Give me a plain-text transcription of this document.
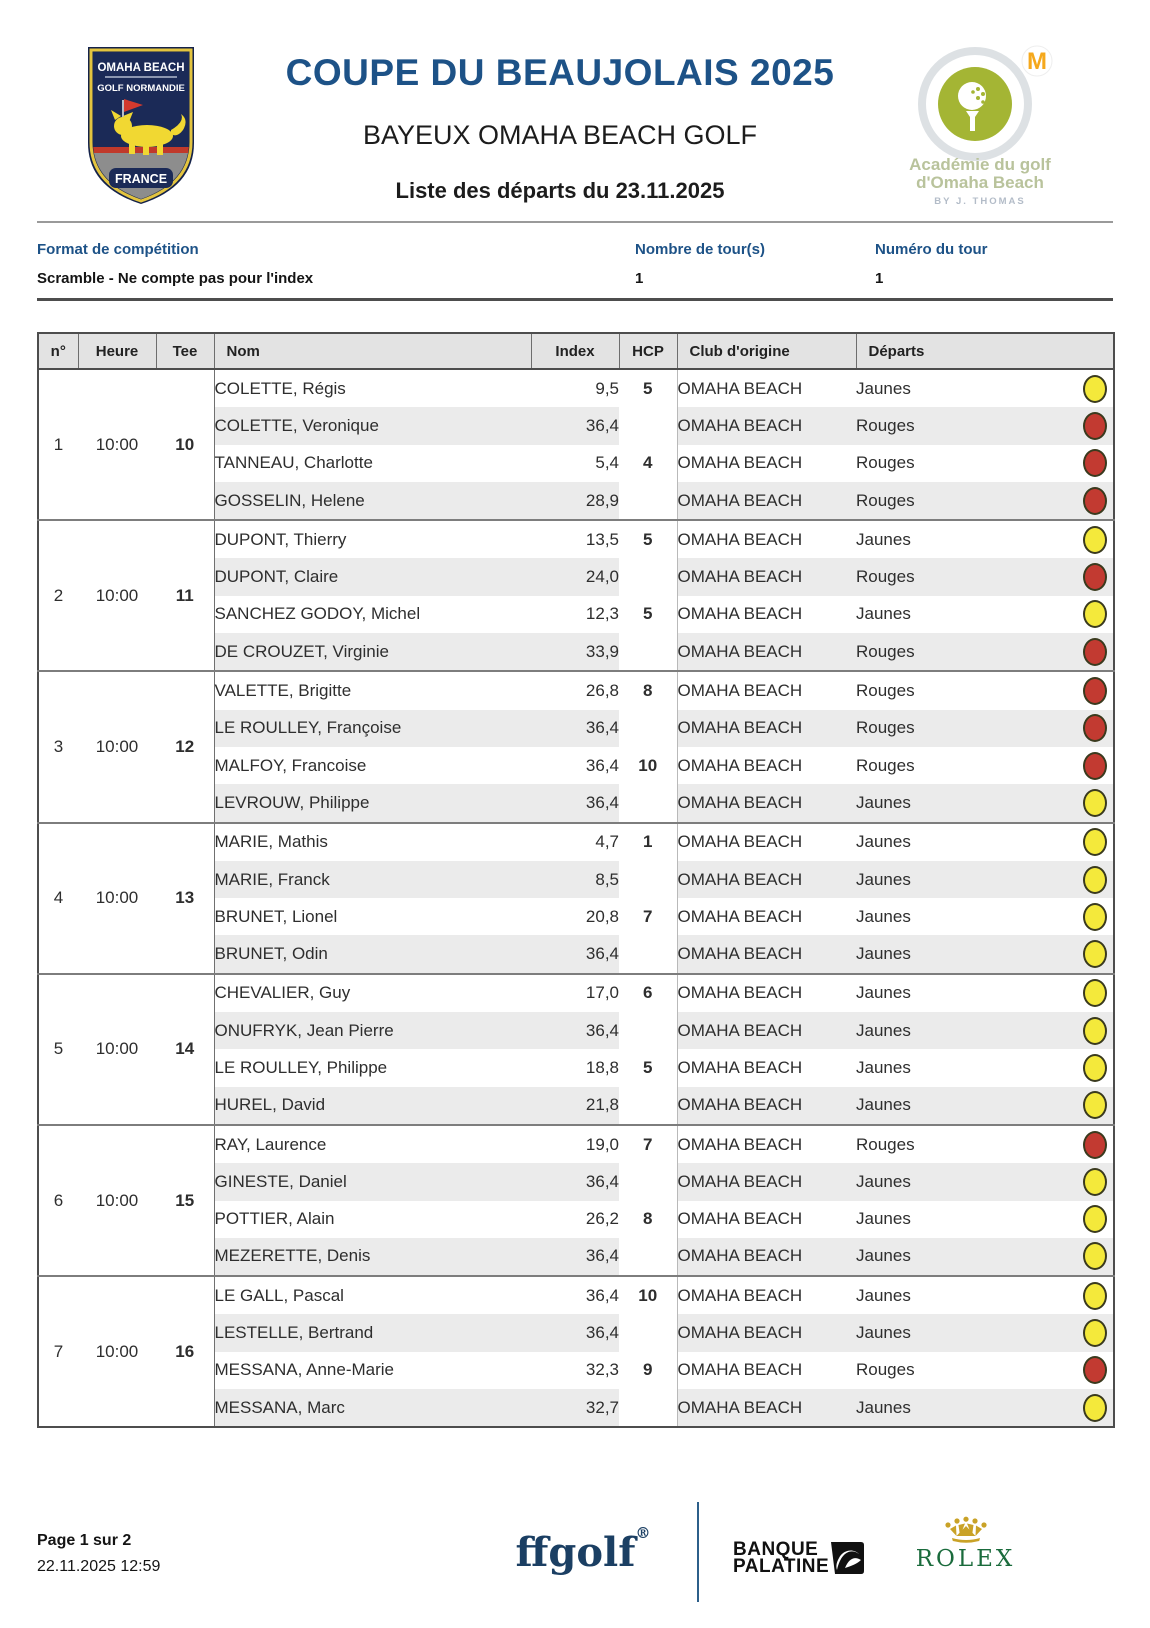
OMAHA BEACH
GOLF NORMANDIE
FRANCE
COUPE DU BEAUJOLAIS 2025
BAYEUX OMAHA BEACH GOLF
Liste des départs du 23.11.2025
M
Académie du golf
d'Omaha Beach
BY J. THOMAS
Format de compétition	Nombre de tour(s)	Numéro du tour
Scramble - Ne compte pas pour l'index	1	1
n°	Heure	Tee	Nom	Index	HCP	Club d'origine	Départs
1	10:00	10	COLETTE, Régis	9,5	5	OMAHA BEACH	Jaunes

			COLETTE, Veronique	36,4		OMAHA BEACH	Rouges

			TANNEAU, Charlotte	5,4	4	OMAHA BEACH	Rouges

			GOSSELIN, Helene	28,9		OMAHA BEACH	Rouges

2	10:00	11	DUPONT, Thierry	13,5	5	OMAHA BEACH	Jaunes

			DUPONT, Claire	24,0		OMAHA BEACH	Rouges

			SANCHEZ GODOY, Michel	12,3	5	OMAHA BEACH	Jaunes

			DE CROUZET, Virginie	33,9		OMAHA BEACH	Rouges

3	10:00	12	VALETTE, Brigitte	26,8	8	OMAHA BEACH	Rouges

			LE ROULLEY, Françoise	36,4		OMAHA BEACH	Rouges

			MALFOY, Francoise	36,4	10	OMAHA BEACH	Rouges

			LEVROUW, Philippe	36,4		OMAHA BEACH	Jaunes

4	10:00	13	MARIE, Mathis	4,7	1	OMAHA BEACH	Jaunes

			MARIE, Franck	8,5		OMAHA BEACH	Jaunes

			BRUNET, Lionel	20,8	7	OMAHA BEACH	Jaunes

			BRUNET, Odin	36,4		OMAHA BEACH	Jaunes

5	10:00	14	CHEVALIER, Guy	17,0	6	OMAHA BEACH	Jaunes

			ONUFRYK, Jean Pierre	36,4		OMAHA BEACH	Jaunes

			LE ROULLEY, Philippe	18,8	5	OMAHA BEACH	Jaunes

			HUREL, David	21,8		OMAHA BEACH	Jaunes

6	10:00	15	RAY, Laurence	19,0	7	OMAHA BEACH	Rouges

			GINESTE, Daniel	36,4		OMAHA BEACH	Jaunes

			POTTIER, Alain	26,2	8	OMAHA BEACH	Jaunes

			MEZERETTE, Denis	36,4		OMAHA BEACH	Jaunes

7	10:00	16	LE GALL, Pascal	36,4	10	OMAHA BEACH	Jaunes

			LESTELLE, Bertrand	36,4		OMAHA BEACH	Jaunes

			MESSANA, Anne-Marie	32,3	9	OMAHA BEACH	Rouges

			MESSANA, Marc	32,7		OMAHA BEACH	Jaunes
Page 1 sur 2
22.11.2025 12:59	ffgolf®
BANQUE
PALATINE	ROLEX
